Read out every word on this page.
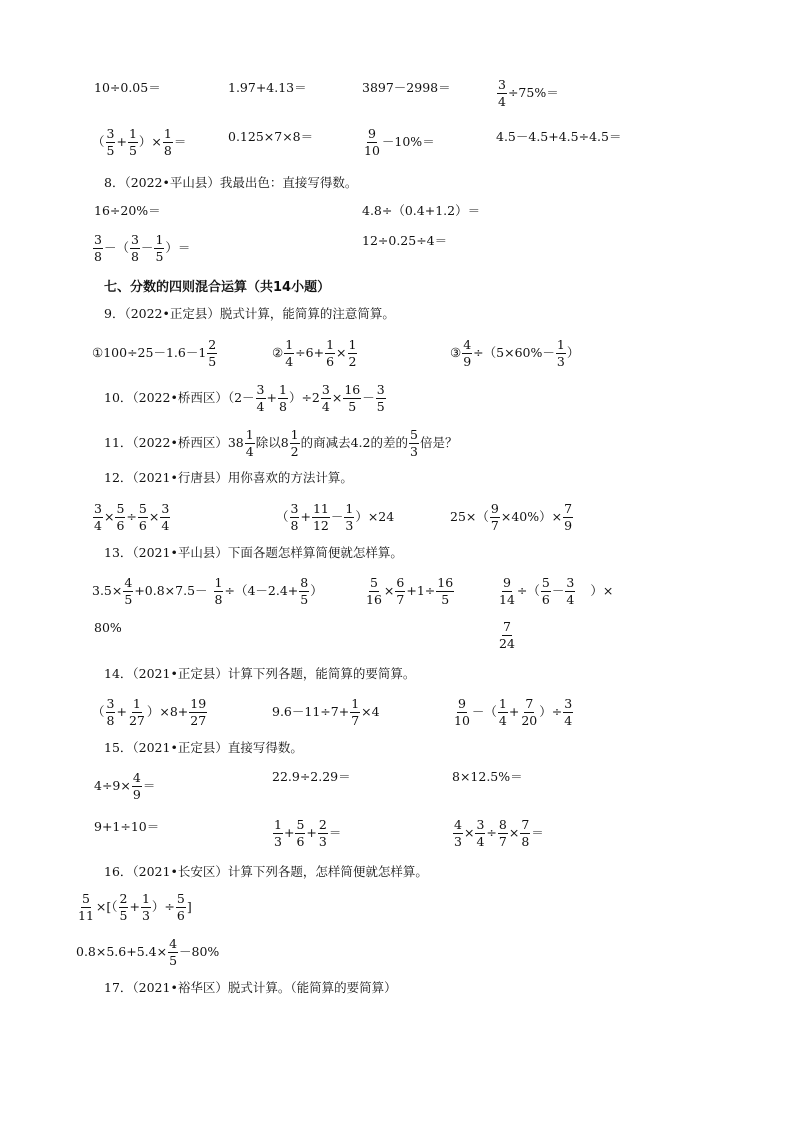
10÷0.05＝	1.97+4.13＝	3897－2998＝	$\frac{3}{4} \div 75\%=$
（ $\frac{3}{5} + \frac{1}{5}$ ）× $\frac{1}{8}$ ＝	0.125×7×8＝	$\frac{9}{10} -10\%=$	4.5－4.5+4.5÷4.5＝
8．（2022•平山县）我最出色：直接写得数。
16÷20%＝	4.8÷（0.4+1.2）＝
$\frac{3}{8}$ －（ $\frac{3}{8} - \frac{1}{5}$ ）＝	12÷0.25÷4＝
七、分数的四则混合运算（共14小题）
9．（2022•正定县）脱式计算，能简算的注意简算。
①100÷25－1.6－1 $\frac{2}{5}$	② $\frac{1}{4} \div 6+ \frac{1}{6} \times \frac{1}{2}$	③ $\frac{4}{9} \div(5\times 60\%- \frac{1}{3}$ ）
10．（2022•桥西区）$(2- \frac{3}{4} + \frac{1}{8} )\div 2 \frac{3}{4} \times \frac{16}{5} - \frac{3}{5}$
11．（2022•桥西区）$38 \frac{1}{4}$ 除以$8 \frac{1}{2}$ 的商减去4.2的差的 $\frac{5}{3}$ 倍是？
12．（2021•行唐县）用你喜欢的方法计算。
$\frac{3}{4} \times \frac{5}{6} \div \frac{5}{6} \times \frac{3}{4}$	（ $\frac{3}{8} + \frac{11}{12} - \frac{1}{3} )\times 24$	$25\times( \frac{9}{7} \times 40\%)\times \frac{7}{9}$
13．（2021•平山县）下面各题怎样算简便就怎样算。
$3.5\times \frac{4}{5} +0.8\times 7.5- \frac{1}{8} \div(4-2.4+ \frac{8}{5}$ ）	$\frac{5}{16} \times \frac{6}{7} +1\div \frac{16}{5}$	$\frac{9}{14}$ ÷（ $\frac{5}{6} - \frac{3}{4}$	）×
80%	$\frac{7}{24}$
14．（2021•正定县）计算下列各题，能简算的要简算。
（ $\frac{3}{8} + \frac{1}{27} )\times 8+ \frac{19}{27}$	$9.6-11\div 7+ \frac{1}{7} \times 4$	$\frac{9}{10}$ －（ $\frac{1}{4} + \frac{7}{20}$ ）÷ $\frac{3}{4}$
15．（2021•正定县）直接写得数。
$4\div 9\times \frac{4}{9}$ ＝
22.9÷2.29＝	8×12.5%＝
9+1÷10＝	$\frac{1}{3} + \frac{5}{6} + \frac{2}{3}$ ＝	$\frac{4}{3} \times \frac{3}{4} \div \frac{8}{7} \times \frac{7}{8}$ ＝
16．（2021•长安区）计算下列各题，怎样简便就怎样算。
$\frac{5}{11}$ ×[（ $\frac{2}{5} + \frac{1}{3}$ ）÷ $\frac{5}{6}$ ]
$0.8\times 5.6+5.4\times \frac{4}{5} -80\%$
17．（2021•裕华区）脱式计算。（能简算的要简算）
